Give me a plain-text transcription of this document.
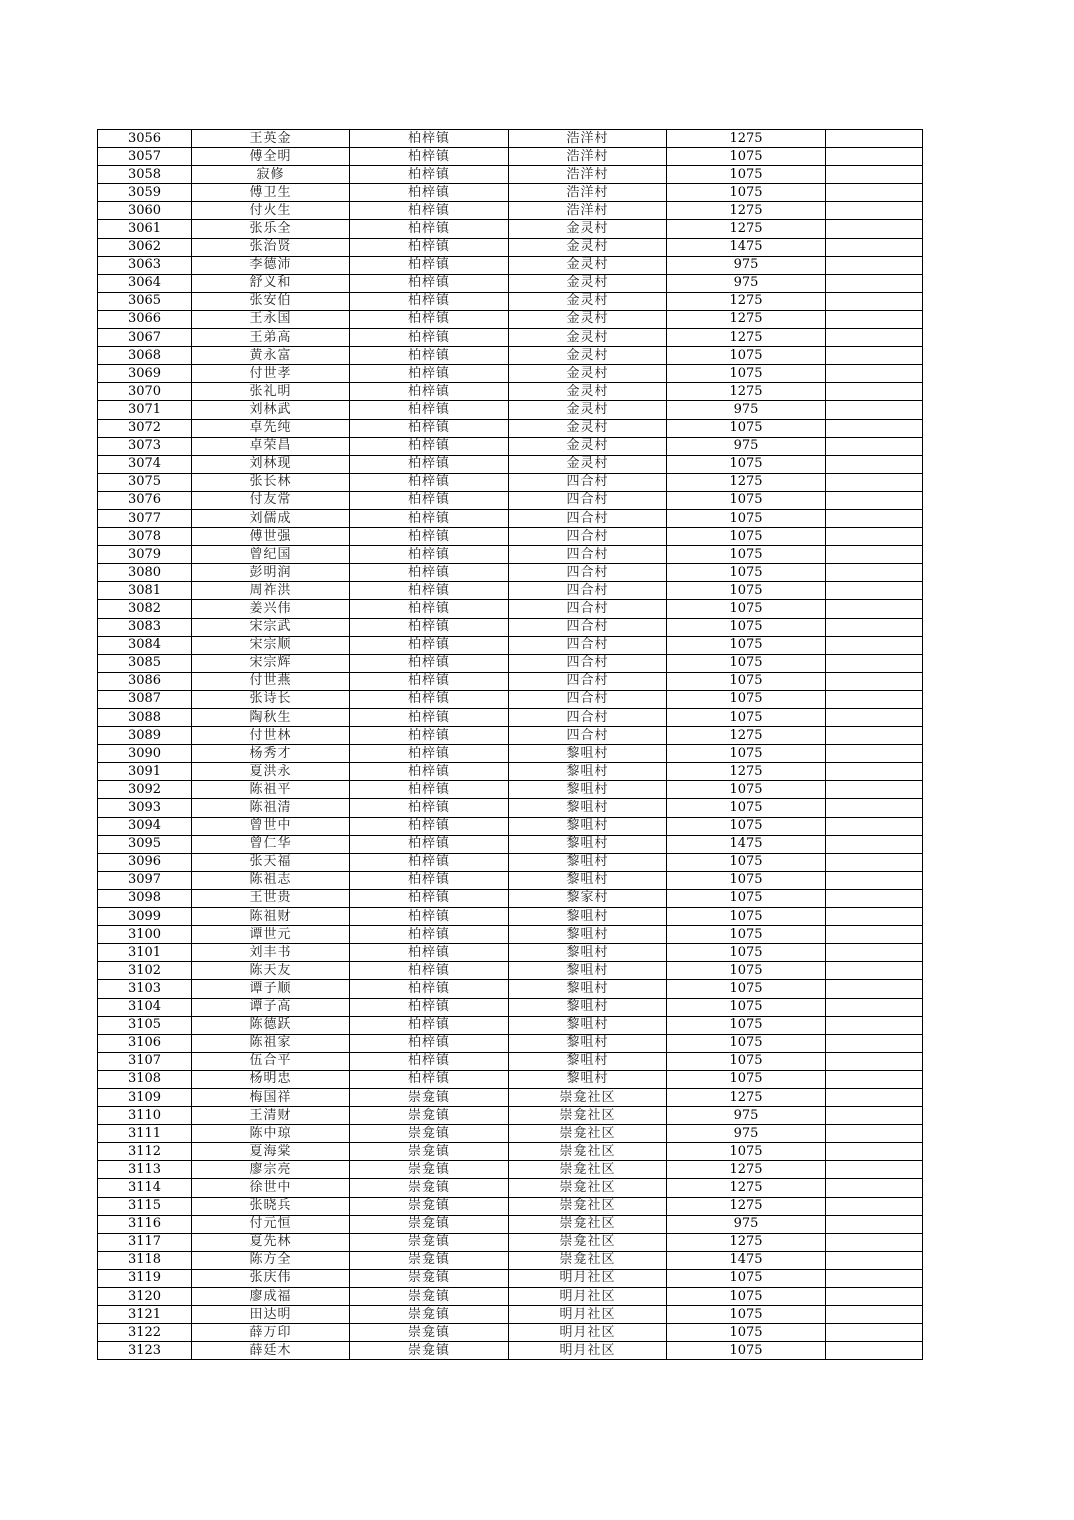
3056	王英金	柏梓镇	浩洋村	1275	
3057	傅全明	柏梓镇	浩洋村	1075	
3058	寂修	柏梓镇	浩洋村	1075	
3059	傅卫生	柏梓镇	浩洋村	1075	
3060	付火生	柏梓镇	浩洋村	1275	
3061	张乐全	柏梓镇	金灵村	1275	
3062	张治贤	柏梓镇	金灵村	1475	
3063	李德沛	柏梓镇	金灵村	975	
3064	舒义和	柏梓镇	金灵村	975	
3065	张安伯	柏梓镇	金灵村	1275	
3066	王永国	柏梓镇	金灵村	1275	
3067	王弟高	柏梓镇	金灵村	1275	
3068	黄永富	柏梓镇	金灵村	1075	
3069	付世孝	柏梓镇	金灵村	1075	
3070	张礼明	柏梓镇	金灵村	1275	
3071	刘林武	柏梓镇	金灵村	975	
3072	卓先纯	柏梓镇	金灵村	1075	
3073	卓荣昌	柏梓镇	金灵村	975	
3074	刘林现	柏梓镇	金灵村	1075	
3075	张长林	柏梓镇	四合村	1275	
3076	付友常	柏梓镇	四合村	1075	
3077	刘儒成	柏梓镇	四合村	1075	
3078	傅世强	柏梓镇	四合村	1075	
3079	曾纪国	柏梓镇	四合村	1075	
3080	彭明润	柏梓镇	四合村	1075	
3081	周祚洪	柏梓镇	四合村	1075	
3082	姜兴伟	柏梓镇	四合村	1075	
3083	宋宗武	柏梓镇	四合村	1075	
3084	宋宗顺	柏梓镇	四合村	1075	
3085	宋宗辉	柏梓镇	四合村	1075	
3086	付世燕	柏梓镇	四合村	1075	
3087	张诗长	柏梓镇	四合村	1075	
3088	陶秋生	柏梓镇	四合村	1075	
3089	付世林	柏梓镇	四合村	1275	
3090	杨秀才	柏梓镇	黎咀村	1075	
3091	夏洪永	柏梓镇	黎咀村	1275	
3092	陈祖平	柏梓镇	黎咀村	1075	
3093	陈祖清	柏梓镇	黎咀村	1075	
3094	曾世中	柏梓镇	黎咀村	1075	
3095	曾仁华	柏梓镇	黎咀村	1475	
3096	张天福	柏梓镇	黎咀村	1075	
3097	陈祖志	柏梓镇	黎咀村	1075	
3098	王世贵	柏梓镇	黎家村	1075	
3099	陈祖财	柏梓镇	黎咀村	1075	
3100	谭世元	柏梓镇	黎咀村	1075	
3101	刘丰书	柏梓镇	黎咀村	1075	
3102	陈天友	柏梓镇	黎咀村	1075	
3103	谭子顺	柏梓镇	黎咀村	1075	
3104	谭子高	柏梓镇	黎咀村	1075	
3105	陈德跃	柏梓镇	黎咀村	1075	
3106	陈祖家	柏梓镇	黎咀村	1075	
3107	伍合平	柏梓镇	黎咀村	1075	
3108	杨明忠	柏梓镇	黎咀村	1075	
3109	梅国祥	崇龛镇	崇龛社区	1275	
3110	王清财	崇龛镇	崇龛社区	975	
3111	陈中琼	崇龛镇	崇龛社区	975	
3112	夏海棠	崇龛镇	崇龛社区	1075	
3113	廖宗亮	崇龛镇	崇龛社区	1275	
3114	徐世中	崇龛镇	崇龛社区	1275	
3115	张晓兵	崇龛镇	崇龛社区	1275	
3116	付元恒	崇龛镇	崇龛社区	975	
3117	夏先林	崇龛镇	崇龛社区	1275	
3118	陈方全	崇龛镇	崇龛社区	1475	
3119	张庆伟	崇龛镇	明月社区	1075	
3120	廖成福	崇龛镇	明月社区	1075	
3121	田达明	崇龛镇	明月社区	1075	
3122	薛万印	崇龛镇	明月社区	1075	
3123	薛廷木	崇龛镇	明月社区	1075	
